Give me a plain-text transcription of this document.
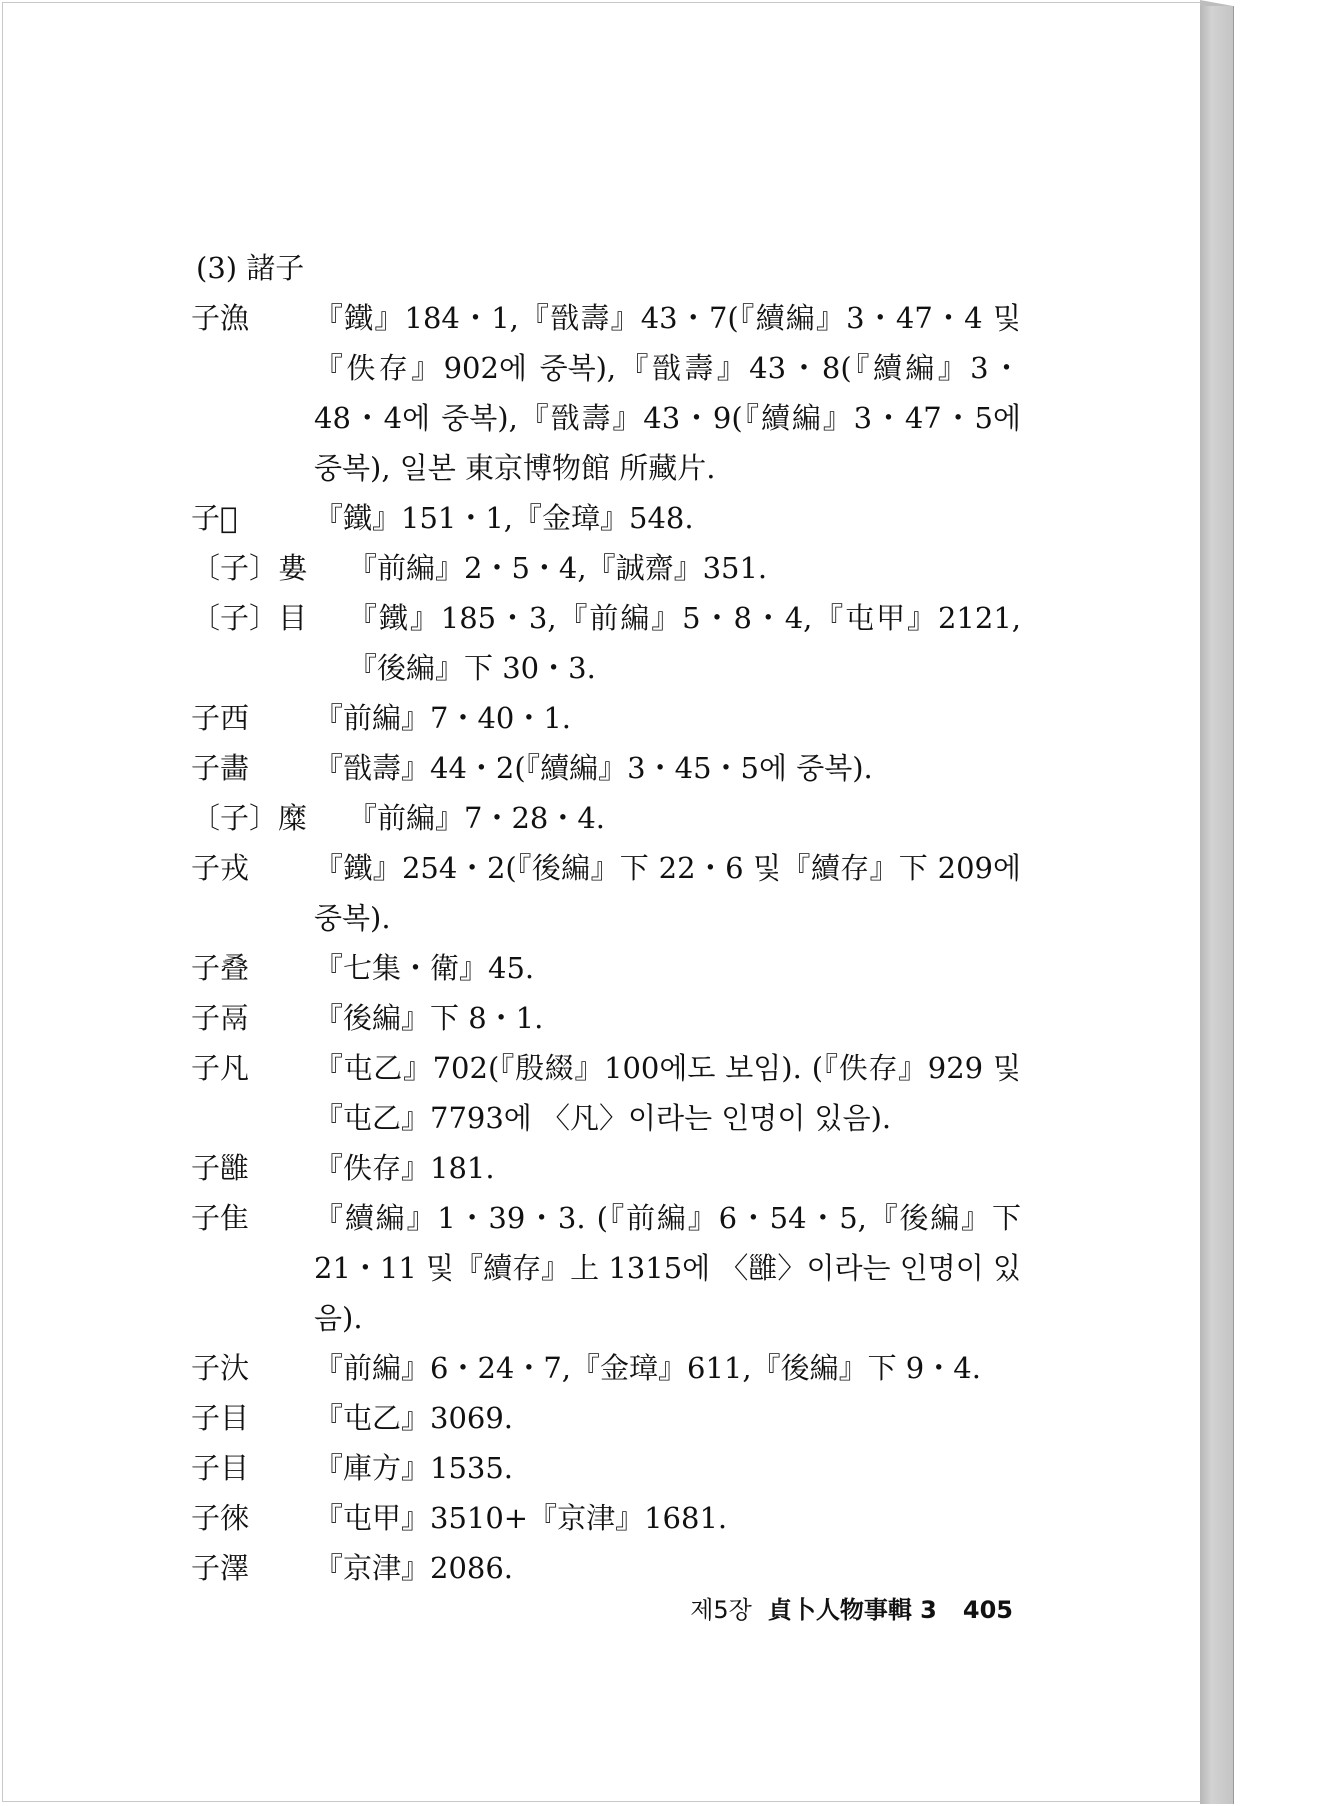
(3) 諸子
子漁	『鐵』184・1,『戩壽』43・7(『續編』3・47・4 및『佚存』902에 중복),『戩壽』43・8(『續編』3・48・4에 중복),『戩壽』43・9(『續編』3・47・5에 중복), 일본 東京博物館 所藏片.
子𢑚	『鐵』151・1,『金璋』548.
〔子〕婁	『前編』2・5・4,『誠齋』351.
〔子〕目	『鐵』185・3,『前編』5・8・4,『屯甲』2121,『後編』下 30・3.
子西	『前編』7・40・1.
子畵	『戩壽』44・2(『續編』3・45・5에 중복).
〔子〕糜	『前編』7・28・4.
子戎	『鐵』254・2(『後編』下 22・6 및『續存』下 209에 중복).
子叠	『七集・衛』45.
子鬲	『後編』下 8・1.
子凡	『屯乙』702(『殷綴』100에도 보임). (『佚存』929 및『屯乙』7793에 〈凡〉이라는 인명이 있음).
子雝	『佚存』181.
子隹	『續編』1・39・3. (『前編』6・54・5,『後編』下 21・11 및『續存』上 1315에 〈雝〉이라는 인명이 있음).
子汏	『前編』6・24・7,『金璋』611,『後編』下 9・4.
子目	『屯乙』3069.
子目	『庫方』1535.
子徠	『屯甲』3510+『京津』1681.
子澤	『京津』2086.
제5장 貞卜人物事輯 3 405
